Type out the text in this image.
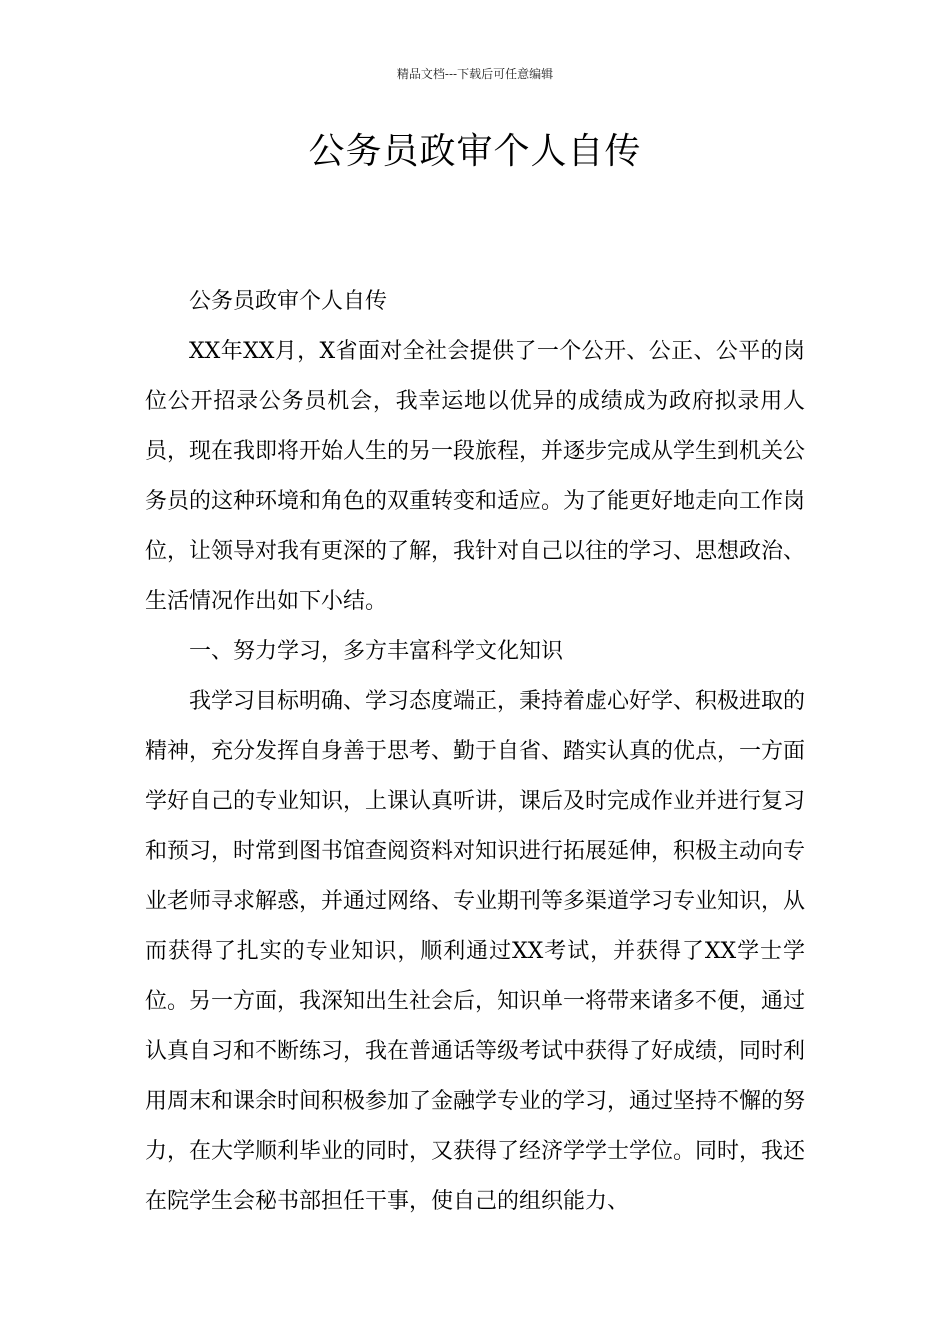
精品文档---下载后可任意编辑
公务员政审个人自传

公务员政审个人自传

XX年XX月，X省面对全社会提供了一个公开、公正、公平的岗位公开招录公务员机会，我幸运地以优异的成绩成为政府拟录用人员，现在我即将开始人生的另一段旅程，并逐步完成从学生到机关公务员的这种环境和角色的双重转变和适应。为了能更好地走向工作岗位，让领导对我有更深的了解，我针对自己以往的学习、思想政治、生活情况作出如下小结。

一、努力学习，多方丰富科学文化知识

我学习目标明确、学习态度端正，秉持着虚心好学、积极进取的精神，充分发挥自身善于思考、勤于自省、踏实认真的优点，一方面学好自己的专业知识，上课认真听讲，课后及时完成作业并进行复习和预习，时常到图书馆查阅资料对知识进行拓展延伸，积极主动向专业老师寻求解惑，并通过网络、专业期刊等多渠道学习专业知识，从而获得了扎实的专业知识，顺利通过XX考试，并获得了XX学士学位。另一方面，我深知出生社会后，知识单一将带来诸多不便，通过认真自习和不断练习，我在普通话等级考试中获得了好成绩，同时利用周末和课余时间积极参加了金融学专业的学习，通过坚持不懈的努力，在大学顺利毕业的同时，又获得了经济学学士学位。同时，我还在院学生会秘书部担任干事，使自己的组织能力、
